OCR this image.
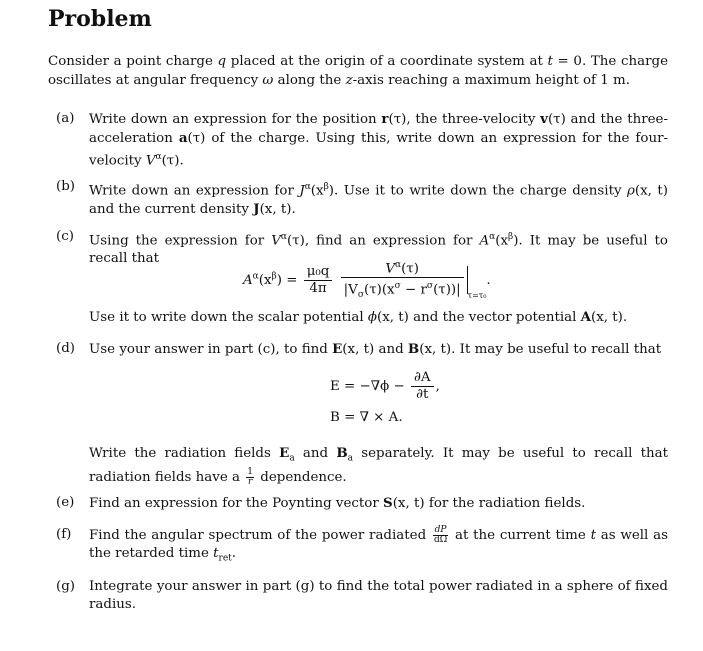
Problem
Consider a point charge q placed at the origin of a coordinate system at t = 0. The charge oscillates at angular frequency ω along the z-axis reaching a maximum height of 1 m.
(a)	Write down an expression for the position r(τ), the three-velocity v(τ) and the three-acceleration a(τ) of the charge. Using this, write down an expression for the four-velocity $V^\alpha(\tau)$.
(b)	Write down an expression for $J^\alpha(x^\beta)$. Use it to write down the charge density ρ(x, t) and the current density J(x, t).
(c)	Using the expression for $V^\alpha(\tau)$, find an expression for $A^\alpha(x^\beta)$. It may be useful to recall that
$A^\alpha(x^\beta) = \frac{\text{μ₀q}}{4\pi}$
$\frac{V^\alpha(\tau)}{|V_\sigma(\tau)(x^\sigma - r^\sigma(\tau))|} _{\tau=\tau_0}$.
Use it to write down the scalar potential ϕ(x, t) and the vector potential A(x, t).
(d)	Use your answer in part (c), to find E(x, t) and B(x, t). It may be useful to recall that
$E = -\nabla\phi - \frac{\partial A}{\partial t}$ ,
B = ∇ × A.
Write the radiation fields $E_a$ and $B_a$ separately. It may be useful to recall that radiation fields have a $\frac{1}{r}$ dependence.
(e)	Find an expression for the Poynting vector S(x, t) for the radiation fields.
(f)	Find the angular spectrum of the power radiated $\frac{dP}{d\Omega}$ at the current time t as well as the retarded time $t_{ret}$.
(g)	Integrate your answer in part (g) to find the total power radiated in a sphere of fixed radius.
